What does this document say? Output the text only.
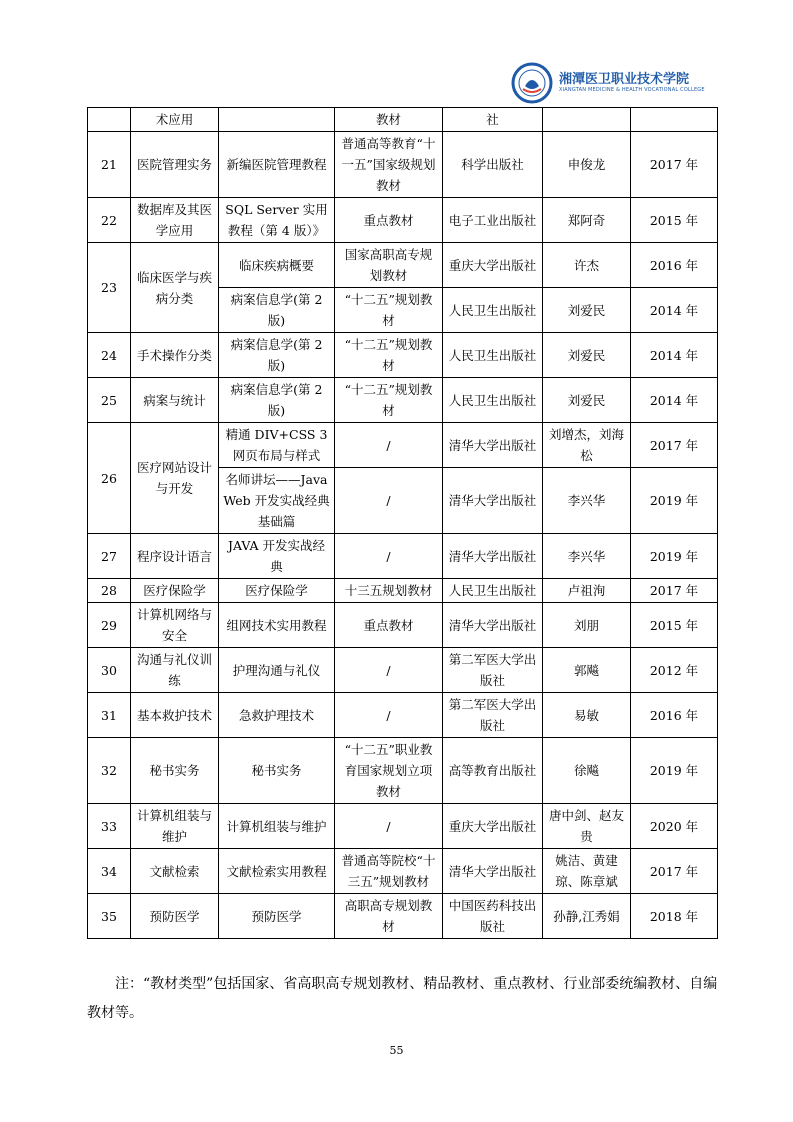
湘潭医卫职业技术学院
XIANGTAN MEDICINE & HEALTH VOCATIONAL COLLEGE
	术应用		教材	社		
21	医院管理实务	新编医院管理教程	普通高等教育“十一五”国家级规划教材	科学出版社	申俊龙	2017 年
22	数据库及其医学应用	SQL Server 实用教程（第 4 版）》	重点教材	电子工业出版社	郑阿奇	2015 年
23	临床医学与疾病分类	临床疾病概要	国家高职高专规划教材	重庆大学出版社	许杰	2016 年
		病案信息学(第 2 版)	“十二五”规划教材	人民卫生出版社	刘爱民	2014 年
24	手术操作分类	病案信息学(第 2 版)	“十二五”规划教材	人民卫生出版社	刘爱民	2014 年
25	病案与统计	病案信息学(第 2 版)	“十二五”规划教材	人民卫生出版社	刘爱民	2014 年
26	医疗网站设计与开发	精通 DIV+CSS 3 网页布局与样式	/	清华大学出版社	刘增杰，刘海松	2017 年
		名师讲坛——Java Web 开发实战经典基础篇	/	清华大学出版社	李兴华	2019 年
27	程序设计语言	JAVA 开发实战经典	/	清华大学出版社	李兴华	2019 年
28	医疗保险学	医疗保险学	十三五规划教材	人民卫生出版社	卢祖洵	2017 年
29	计算机网络与安全	组网技术实用教程	重点教材	清华大学出版社	刘朋	2015 年
30	沟通与礼仪训练	护理沟通与礼仪	/	第二军医大学出版社	郭飚	2012 年
31	基本救护技术	急救护理技术	/	第二军医大学出版社	易敏	2016 年
32	秘书实务	秘书实务	“十二五”职业教育国家规划立项教材	高等教育出版社	徐飚	2019 年
33	计算机组装与维护	计算机组装与维护	/	重庆大学出版社	唐中剑、赵友贵	2020 年
34	文献检索	文献检索实用教程	普通高等院校“十三五”规划教材	清华大学出版社	姚洁、黄建琼、陈章斌	2017 年
35	预防医学	预防医学	高职高专规划教材	中国医药科技出版社	孙静,江秀娟	2018 年
注：“教材类型”包括国家、省高职高专规划教材、精品教材、重点教材、行业部委统编教材、自编教材等。
55
